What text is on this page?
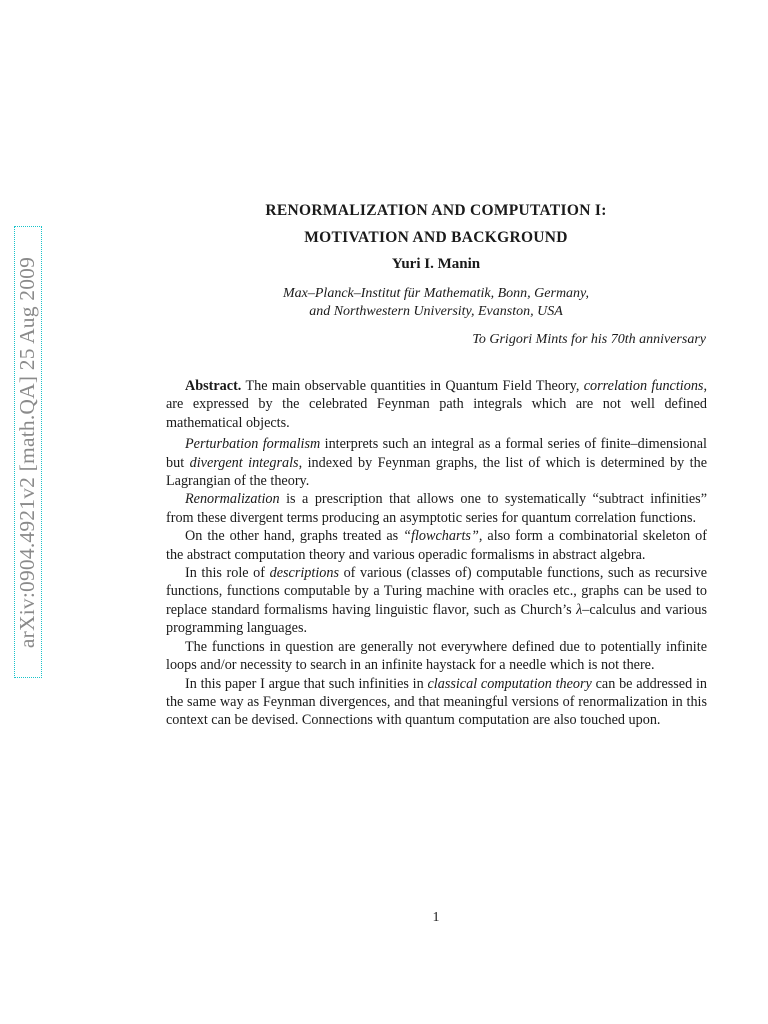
arXiv:0904.4921v2 [math.QA] 25 Aug 2009
RENORMALIZATION AND COMPUTATION I:
MOTIVATION AND BACKGROUND
Yuri I. Manin
Max–Planck–Institut für Mathematik, Bonn, Germany,
and Northwestern University, Evanston, USA
To Grigori Mints for his 70th anniversary

Abstract. The main observable quantities in Quantum Field Theory, correlation functions, are expressed by the celebrated Feynman path integrals which are not well defined mathematical objects.

Perturbation formalism interprets such an integral as a formal series of finite–dimensional but divergent integrals, indexed by Feynman graphs, the list of which is determined by the Lagrangian of the theory.

Renormalization is a prescription that allows one to systematically “subtract infinities” from these divergent terms producing an asymptotic series for quantum correlation functions.

On the other hand, graphs treated as “flowcharts”, also form a combinatorial skeleton of the abstract computation theory and various operadic formalisms in abstract algebra.

In this role of descriptions of various (classes of) computable functions, such as recursive functions, functions computable by a Turing machine with oracles etc., graphs can be used to replace standard formalisms having linguistic flavor, such as Church’s λ–calculus and various programming languages.

The functions in question are generally not everywhere defined due to potentially infinite loops and/or necessity to search in an infinite haystack for a needle which is not there.

In this paper I argue that such infinities in classical computation theory can be addressed in the same way as Feynman divergences, and that meaningful versions of renormalization in this context can be devised. Connections with quantum computation are also touched upon.

1
